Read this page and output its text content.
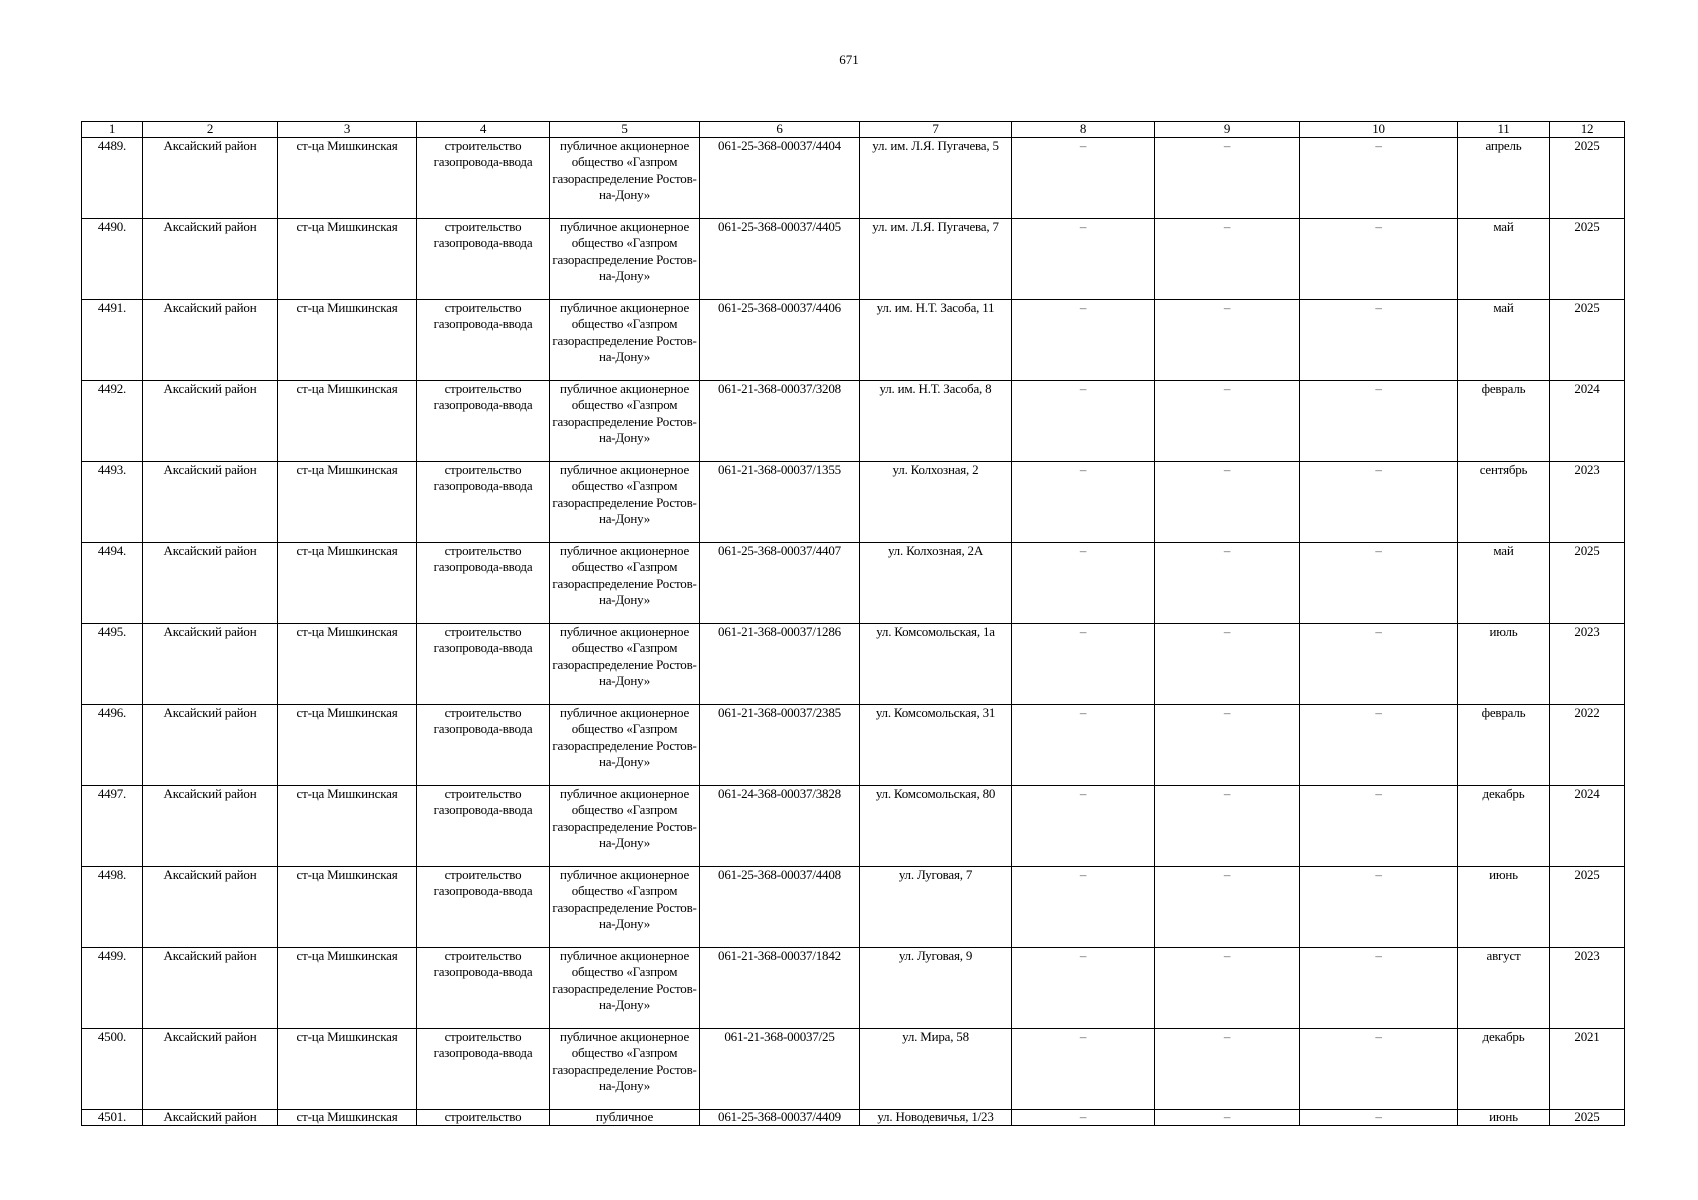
671
1	2	3	4	5	6	7	8	9	10	11	12
4489.	Аксайский район	ст-ца Мишкинская	строительство газопровода-ввода	публичное акционерное общество «Газпром газораспределение Ростов-на-Дону»	061-25-368-00037/4404	ул. им. Л.Я. Пугачева, 5	–	–	–	апрель	2025
4490.	Аксайский район	ст-ца Мишкинская	строительство газопровода-ввода	публичное акционерное общество «Газпром газораспределение Ростов-на-Дону»	061-25-368-00037/4405	ул. им. Л.Я. Пугачева, 7	–	–	–	май	2025
4491.	Аксайский район	ст-ца Мишкинская	строительство газопровода-ввода	публичное акционерное общество «Газпром газораспределение Ростов-на-Дону»	061-25-368-00037/4406	ул. им. Н.Т. Засоба, 11	–	–	–	май	2025
4492.	Аксайский район	ст-ца Мишкинская	строительство газопровода-ввода	публичное акционерное общество «Газпром газораспределение Ростов-на-Дону»	061-21-368-00037/3208	ул. им. Н.Т. Засоба, 8	–	–	–	февраль	2024
4493.	Аксайский район	ст-ца Мишкинская	строительство газопровода-ввода	публичное акционерное общество «Газпром газораспределение Ростов-на-Дону»	061-21-368-00037/1355	ул. Колхозная, 2	–	–	–	сентябрь	2023
4494.	Аксайский район	ст-ца Мишкинская	строительство газопровода-ввода	публичное акционерное общество «Газпром газораспределение Ростов-на-Дону»	061-25-368-00037/4407	ул. Колхозная, 2А	–	–	–	май	2025
4495.	Аксайский район	ст-ца Мишкинская	строительство газопровода-ввода	публичное акционерное общество «Газпром газораспределение Ростов-на-Дону»	061-21-368-00037/1286	ул. Комсомольская, 1а	–	–	–	июль	2023
4496.	Аксайский район	ст-ца Мишкинская	строительство газопровода-ввода	публичное акционерное общество «Газпром газораспределение Ростов-на-Дону»	061-21-368-00037/2385	ул. Комсомольская, 31	–	–	–	февраль	2022
4497.	Аксайский район	ст-ца Мишкинская	строительство газопровода-ввода	публичное акционерное общество «Газпром газораспределение Ростов-на-Дону»	061-24-368-00037/3828	ул. Комсомольская, 80	–	–	–	декабрь	2024
4498.	Аксайский район	ст-ца Мишкинская	строительство газопровода-ввода	публичное акционерное общество «Газпром газораспределение Ростов-на-Дону»	061-25-368-00037/4408	ул. Луговая, 7	–	–	–	июнь	2025
4499.	Аксайский район	ст-ца Мишкинская	строительство газопровода-ввода	публичное акционерное общество «Газпром газораспределение Ростов-на-Дону»	061-21-368-00037/1842	ул. Луговая, 9	–	–	–	август	2023
4500.	Аксайский район	ст-ца Мишкинская	строительство газопровода-ввода	публичное акционерное общество «Газпром газораспределение Ростов-на-Дону»	061-21-368-00037/25	ул. Мира, 58	–	–	–	декабрь	2021
4501.	Аксайский район	ст-ца Мишкинская	строительство	публичное	061-25-368-00037/4409	ул. Новодевичья, 1/23	–	–	–	июнь	2025
